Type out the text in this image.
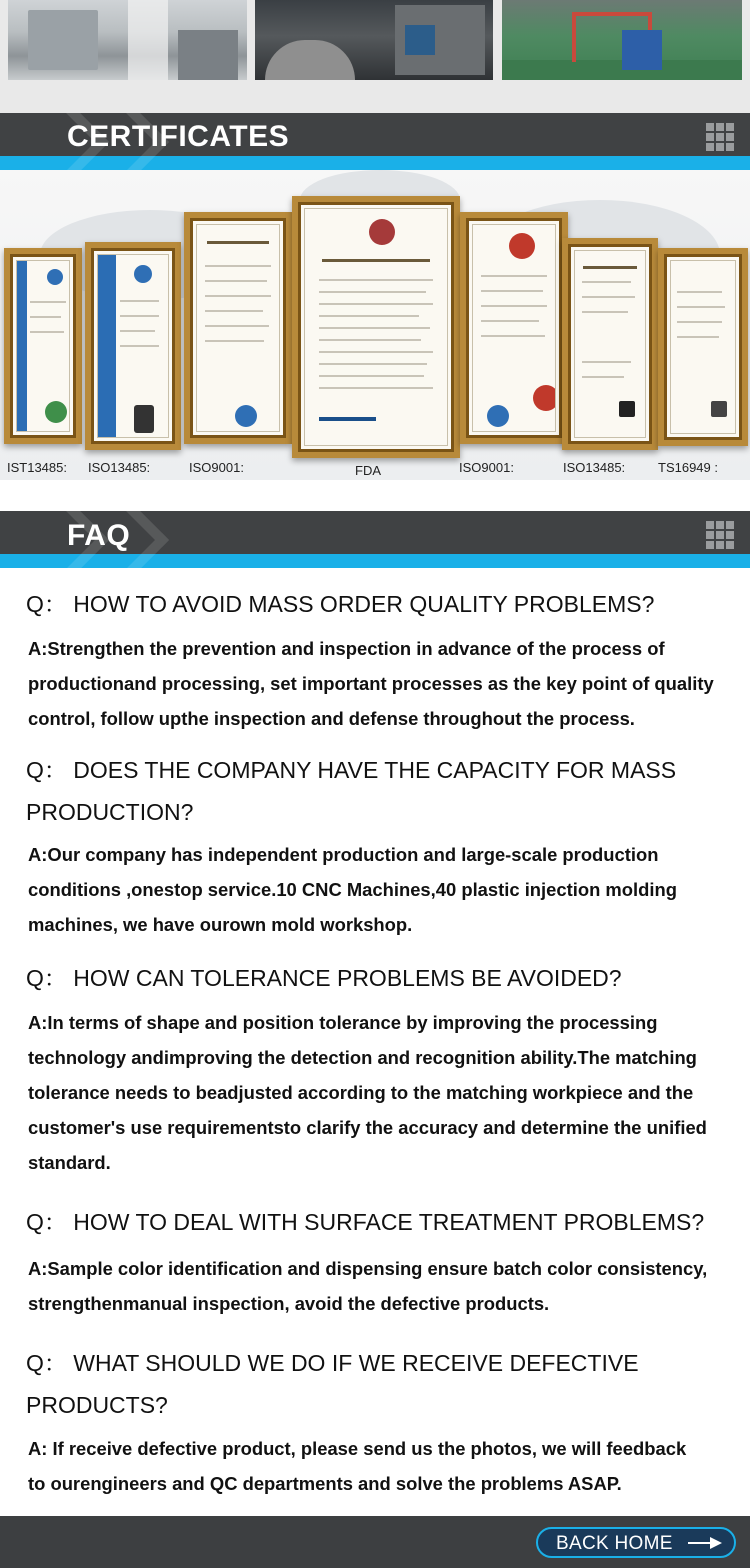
CERTIFICATES
IST13485: ISO13485:	ISO9001:	FDA	ISO9001:	ISO13485:	TS16949 :
FAQ
Q： HOW TO AVOID MASS ORDER QUALITY PROBLEMS?
A:Strengthen the prevention and inspection in advance of the process of
productionand processing, set important processes as the key point of quality
control, follow upthe inspection and defense throughout the process.
Q： DOES THE COMPANY HAVE THE CAPACITY FOR MASS
PRODUCTION?
A:Our company has independent production and large-scale production
conditions ,onestop service.10 CNC Machines,40 plastic injection molding
machines, we have ourown mold workshop.
Q： HOW CAN TOLERANCE PROBLEMS BE AVOIDED?
A:In terms of shape and position tolerance by improving the processing
technology andimproving the detection and recognition ability.The matching
tolerance needs to beadjusted according to the matching workpiece and the
customer's use requirementsto clarify the accuracy and determine the unified
standard.
Q： HOW TO DEAL WITH SURFACE TREATMENT PROBLEMS?
A:Sample color identification and dispensing ensure batch color consistency,
strengthenmanual inspection, avoid the defective products.
Q： WHAT SHOULD WE DO IF WE RECEIVE DEFECTIVE
PRODUCTS?
A: If receive defective product, please send us the photos, we will feedback
to ourengineers and QC departments and solve the problems ASAP.
BACK HOME
